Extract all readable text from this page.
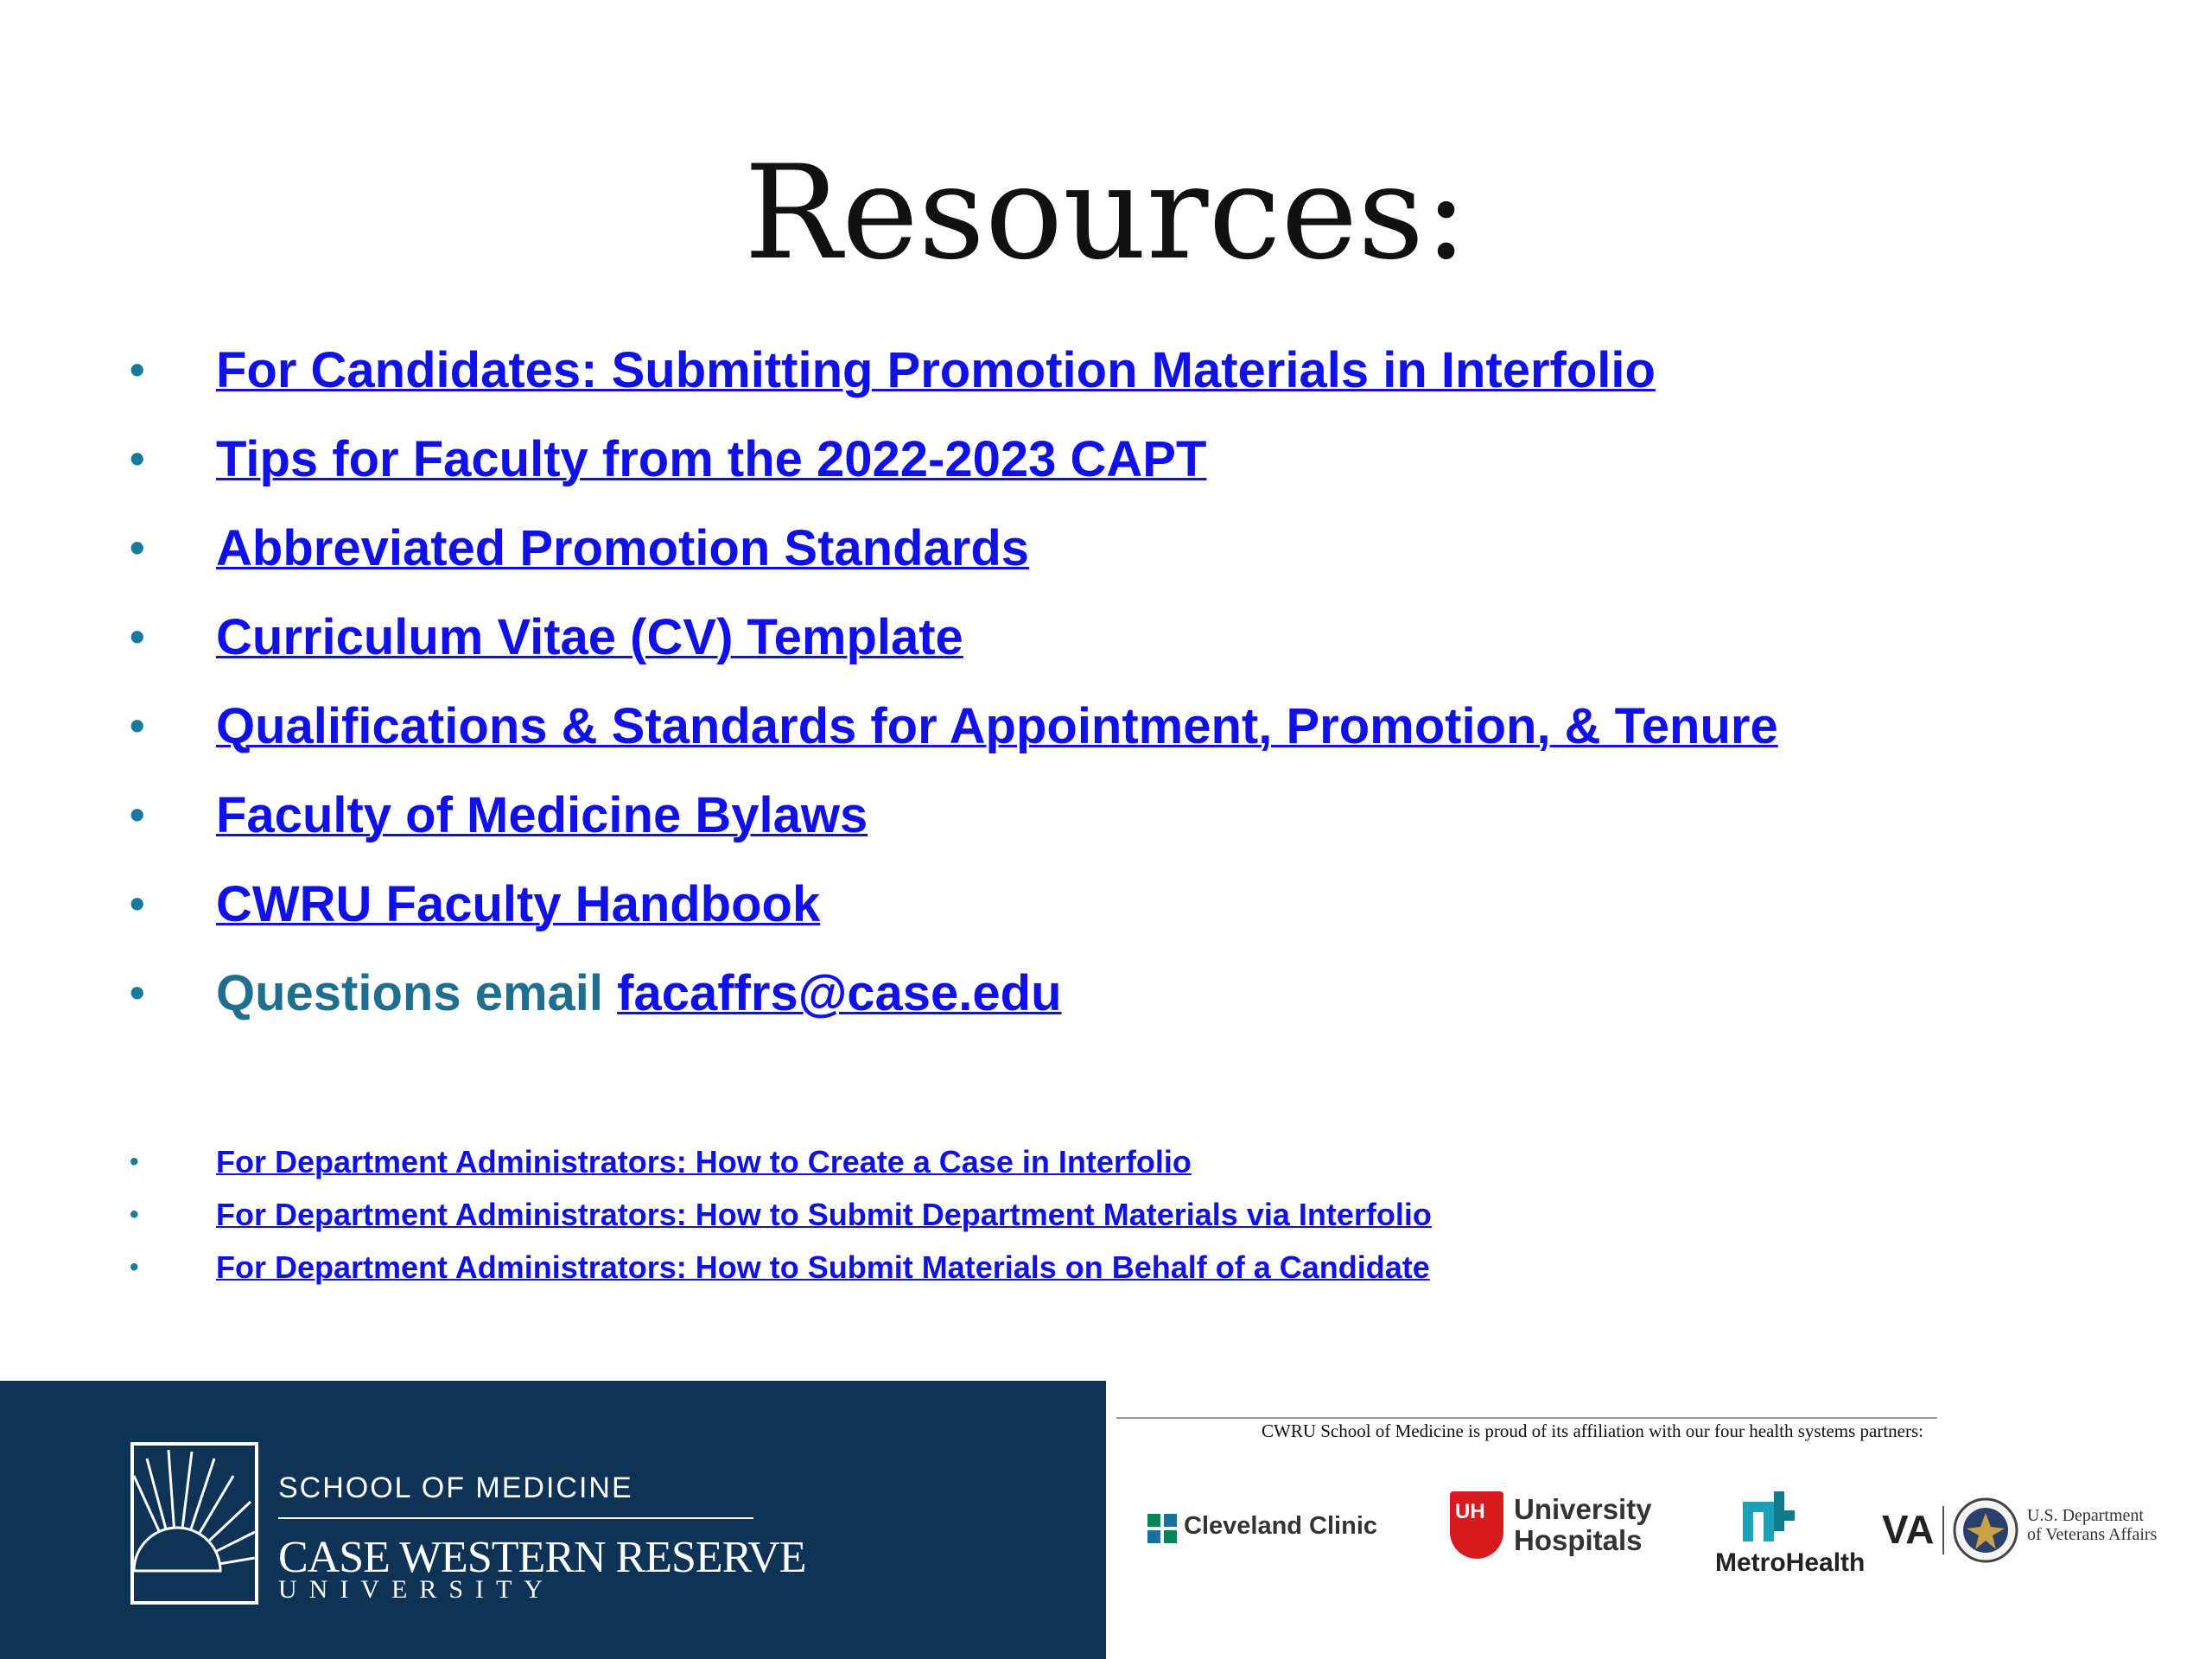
Resources:
• For Candidates: Submitting Promotion Materials in Interfolio
• Tips for Faculty from the 2022-2023 CAPT
• Abbreviated Promotion Standards
• Curriculum Vitae (CV) Template
• Qualifications & Standards for Appointment, Promotion, & Tenure
• Faculty of Medicine Bylaws
• CWRU Faculty Handbook
• Questions email facaffrs@case.edu
• For Department Administrators: How to Create a Case in Interfolio
• For Department Administrators: How to Submit Department Materials via Interfolio
• For Department Administrators: How to Submit Materials on Behalf of a Candidate
SCHOOL OF MEDICINE
CASE WESTERN RESERVE
UNIVERSITY
CWRU School of Medicine is proud of its affiliation with our four health systems partners:
Cleveland Clinic
UH University
Hospitals
MetroHealth
VA	U.S. Department
of Veterans Affairs
